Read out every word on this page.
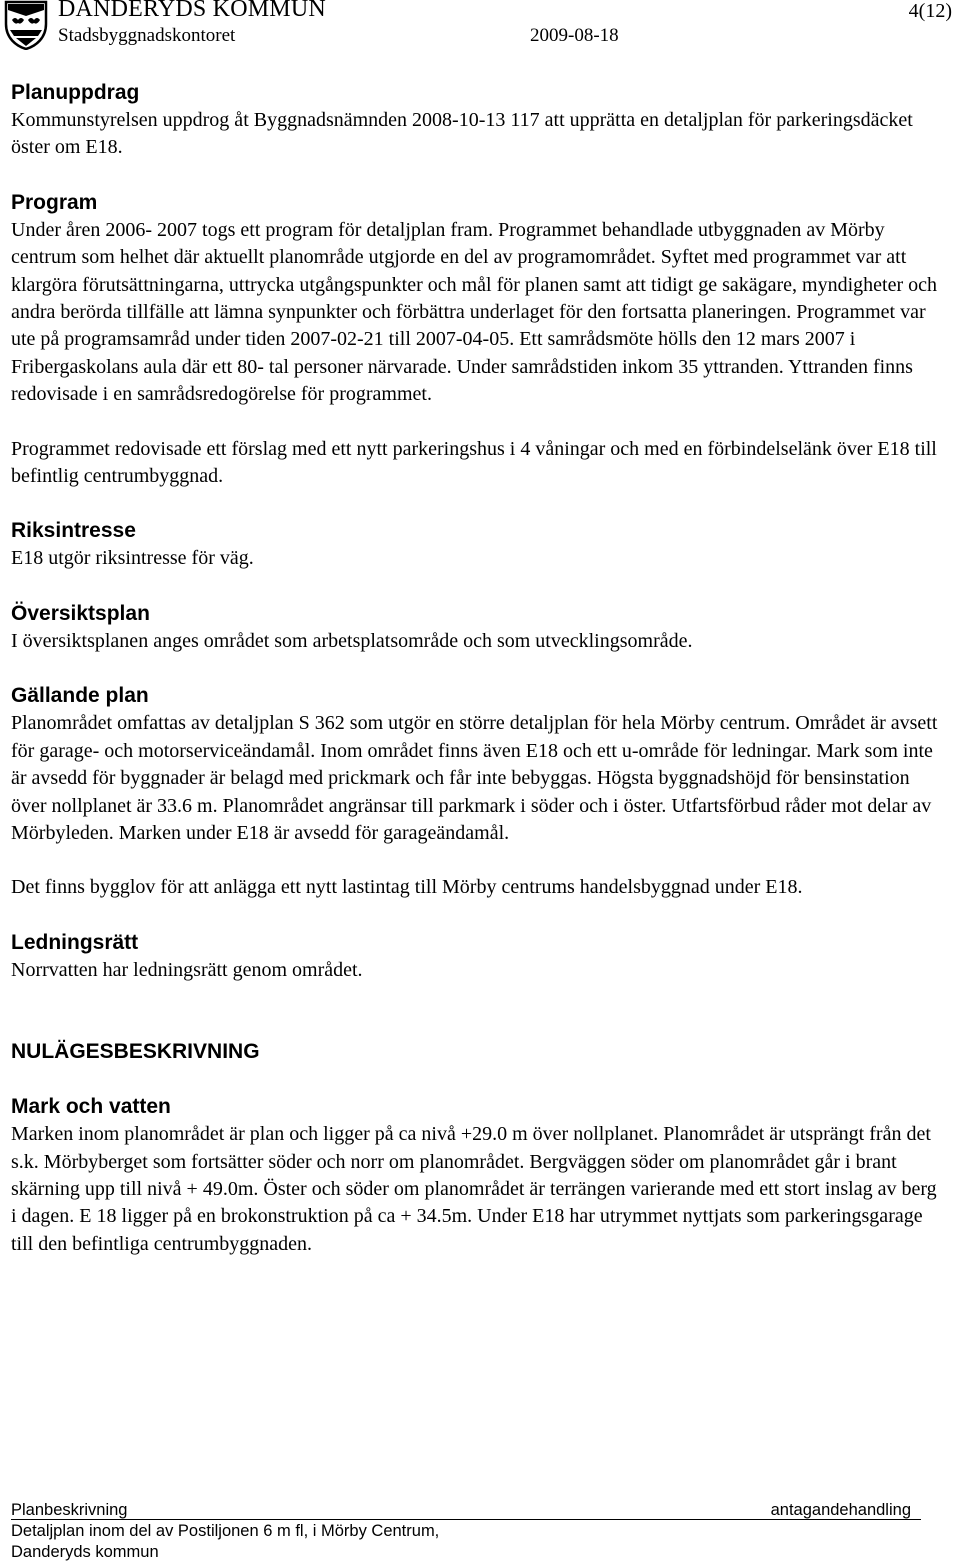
DANDERYDS KOMMUN
Stadsbyggnadskontoret	2009-08-18
4(12)
Planuppdrag

Kommunstyrelsen uppdrog åt Byggnadsnämnden 2008-10-13 117 att upprätta en detaljplan för parkeringsdäcket öster om E18.

Program

Under åren 2006- 2007 togs ett program för detaljplan fram. Programmet behandlade utbyggnaden av Mörby centrum som helhet där aktuellt planområde utgjorde en del av programområdet. Syftet med programmet var att klargöra förutsättningarna, uttrycka utgångspunkter och mål för planen samt att tidigt ge sakägare, myndigheter och andra berörda tillfälle att lämna synpunkter och förbättra underlaget för den fortsatta planeringen. Programmet var ute på programsamråd under tiden 2007-02-21 till 2007-04-05. Ett samrådsmöte hölls den 12 mars 2007 i Fribergaskolans aula där ett 80- tal personer närvarade. Under samrådstiden inkom 35 yttranden. Yttranden finns redovisade i en samrådsredogörelse för programmet.

Programmet redovisade ett förslag med ett nytt parkeringshus i 4 våningar och med en förbindelselänk över E18 till befintlig centrumbyggnad.

Riksintresse

E18 utgör riksintresse för väg.

Översiktsplan

I översiktsplanen anges området som arbetsplatsområde och som utvecklingsområde.

Gällande plan

Planområdet omfattas av detaljplan S 362 som utgör en större detaljplan för hela Mörby centrum. Området är avsett för garage- och motorserviceändamål. Inom området finns även E18 och ett u-område för ledningar. Mark som inte är avsedd för byggnader är belagd med prickmark och får inte bebyggas. Högsta byggnadshöjd för bensinstation över nollplanet är 33.6 m. Planområdet angränsar till parkmark i söder och i öster. Utfartsförbud råder mot delar av Mörbyleden. Marken under E18 är avsedd för garageändamål.

Det finns bygglov för att anlägga ett nytt lastintag till Mörby centrums handelsbyggnad under E18.

Ledningsrätt

Norrvatten har ledningsrätt genom området.

NULÄGESBESKRIVNING
Mark och vatten

Marken inom planområdet är plan och ligger på ca nivå +29.0 m över nollplanet. Planområdet är utsprängt från det s.k. Mörbyberget som fortsätter söder och norr om planområdet. Bergväggen söder om planområdet går i brant skärning upp till nivå + 49.0m. Öster och söder om planområdet är terrängen varierande med ett stort inslag av berg i dagen. E 18 ligger på en brokonstruktion på ca + 34.5m. Under E18 har utrymmet nyttjats som parkeringsgarage till den befintliga centrumbyggnaden.

Planbeskrivning	antagandehandling
Detaljplan inom del av Postiljonen 6 m fl, i Mörby Centrum,
Danderyds kommun
